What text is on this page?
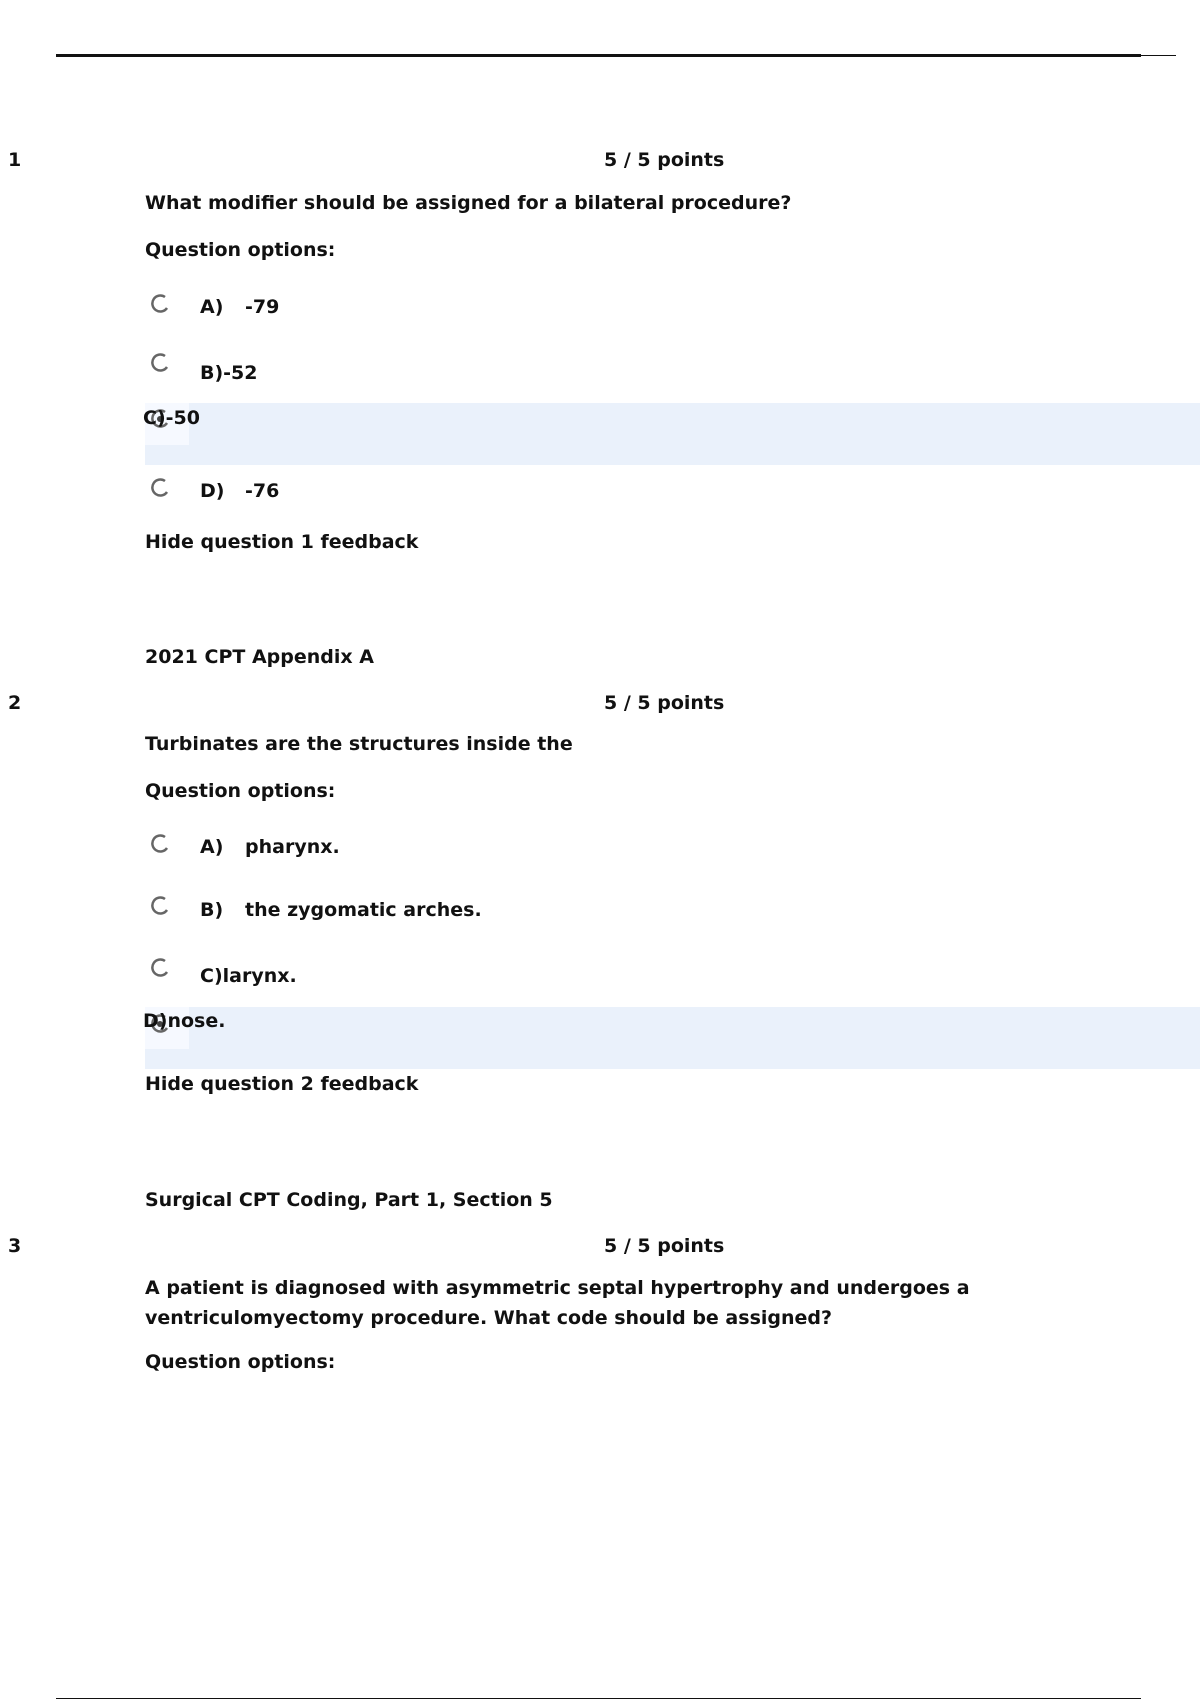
1	5 / 5 points
What modifier should be assigned for a bilateral procedure?
Question options:
A) -79
B)-52
C)-50
D) -76
Hide question 1 feedback
2021 CPT Appendix A
2	5 / 5 points
Turbinates are the structures inside the
Question options:
A) pharynx.
B) the zygomatic arches.
C)larynx.
D)nose.
Hide question 2 feedback
Surgical CPT Coding, Part 1, Section 5
3	5 / 5 points
A patient is diagnosed with asymmetric septal hypertrophy and undergoes a ventriculomyectomy procedure. What code should be assigned?
Question options:
